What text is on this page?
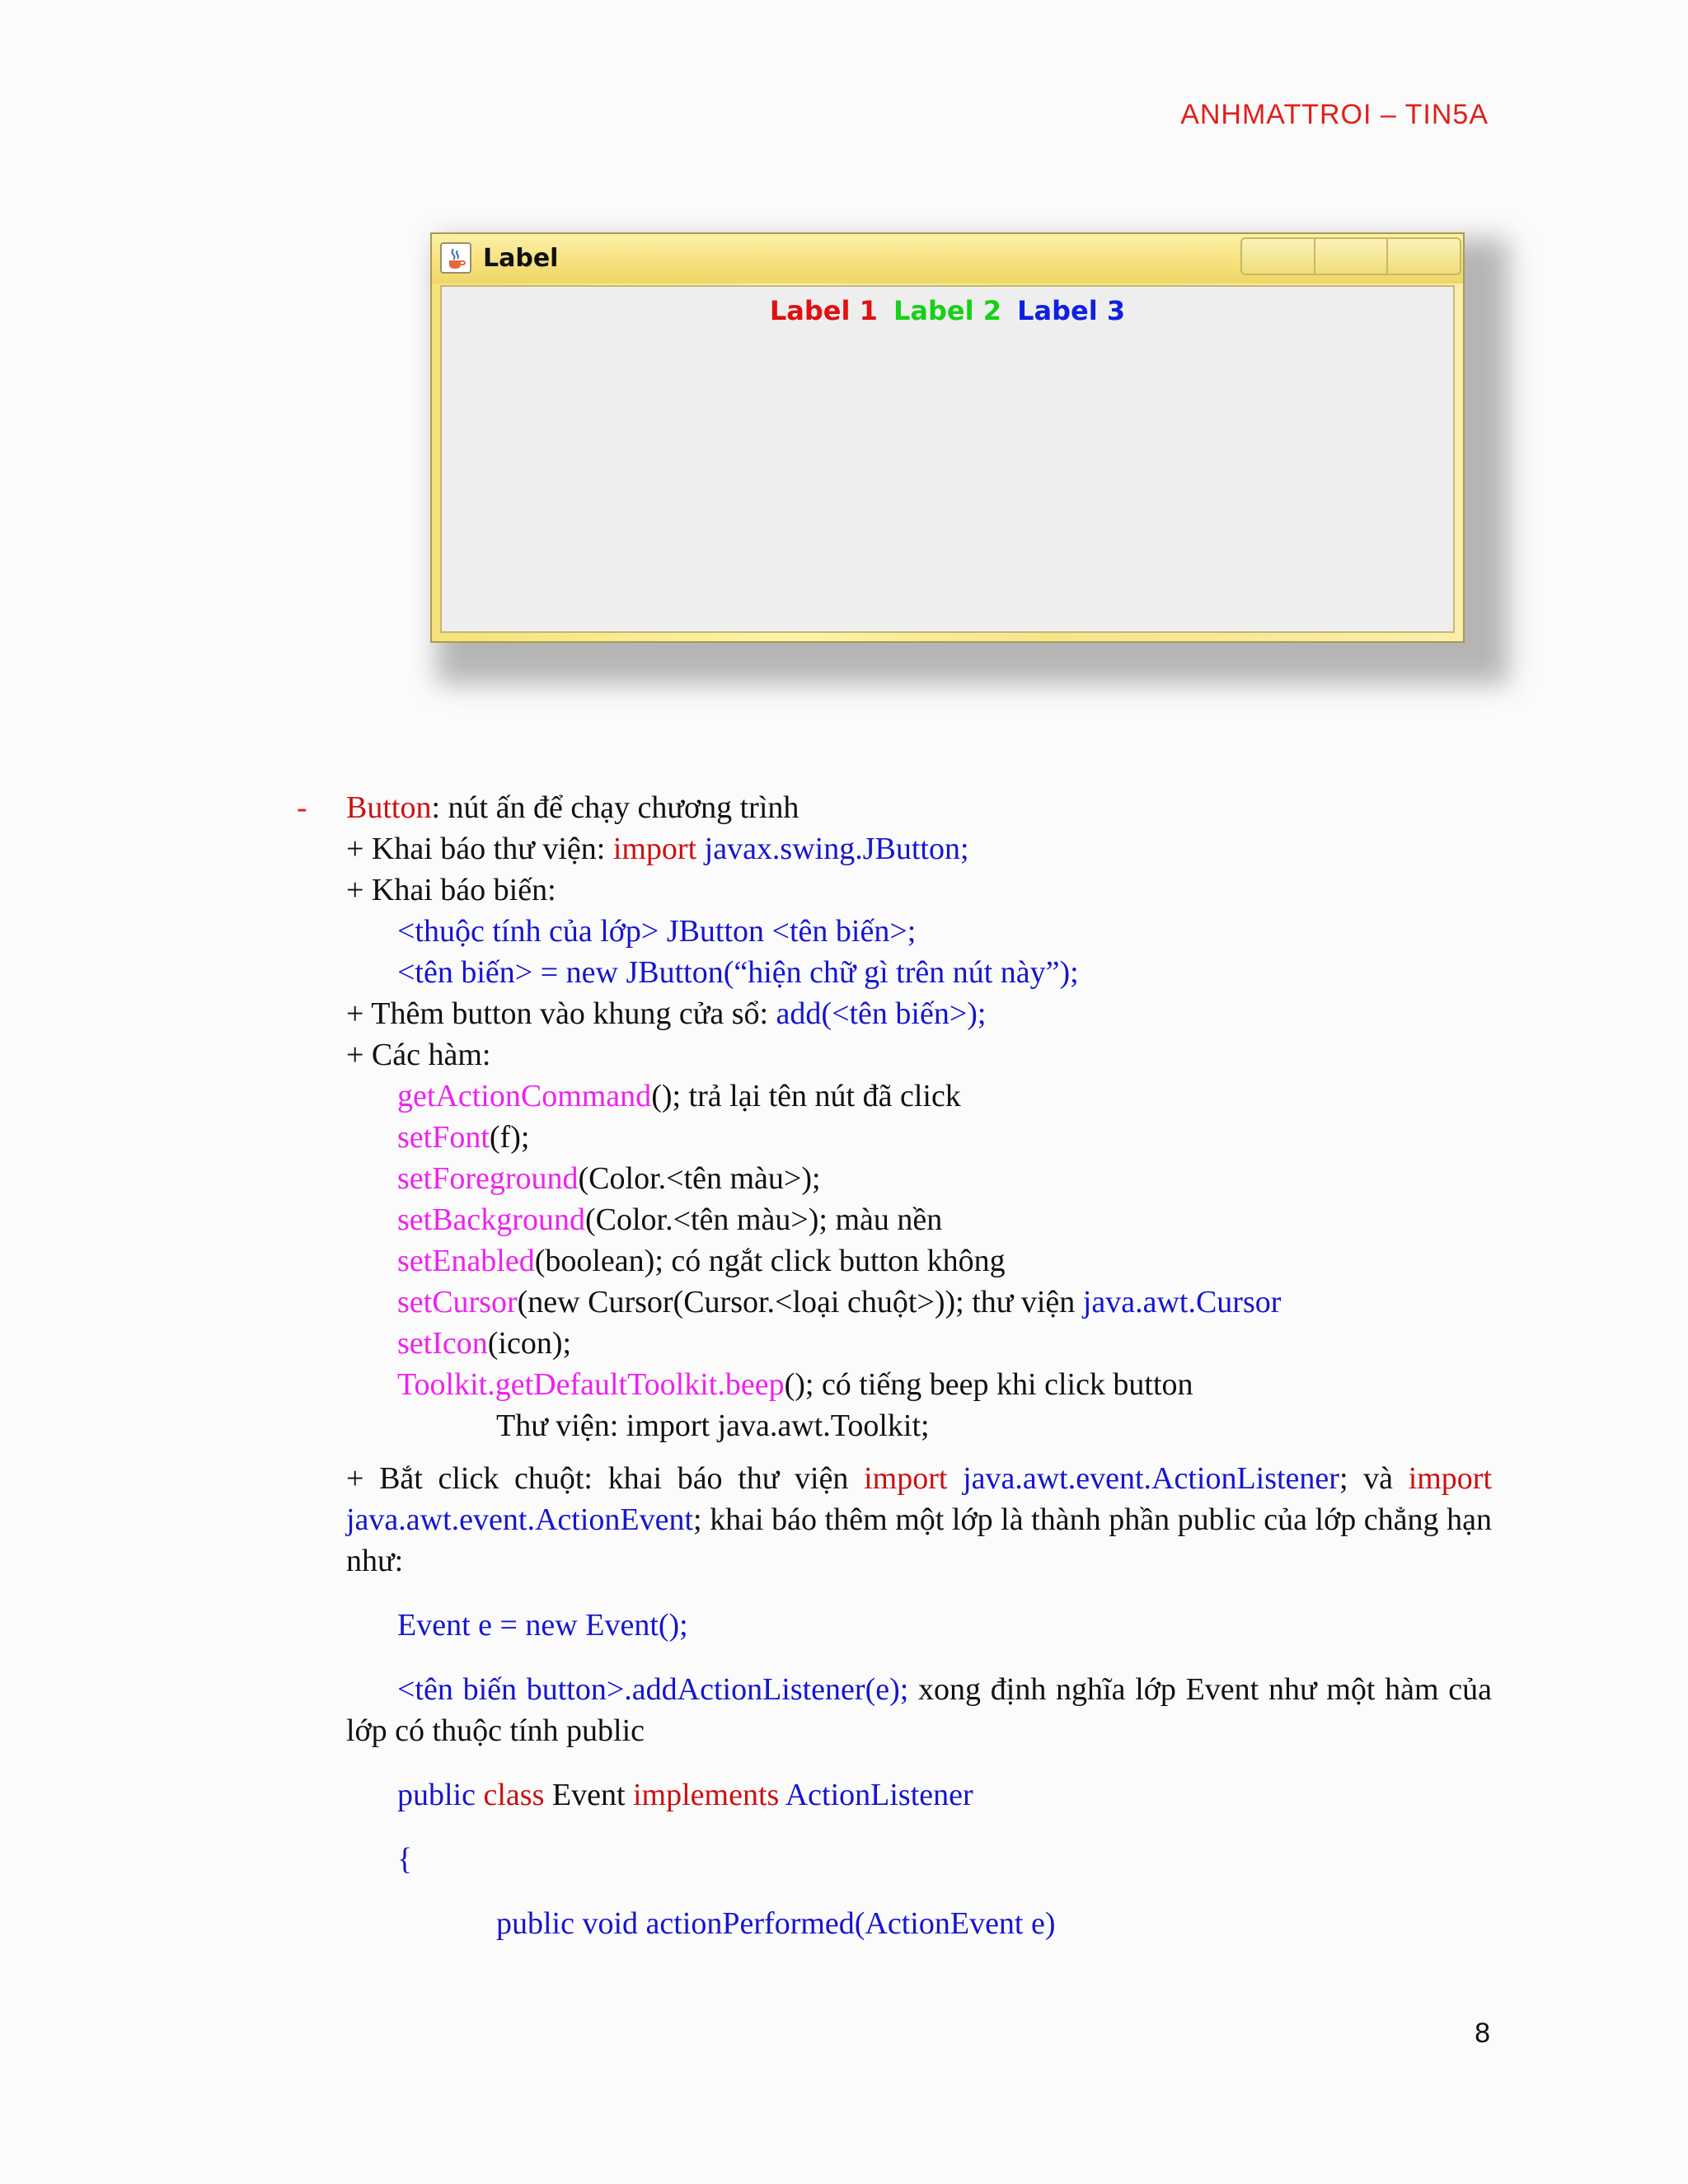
ANHMATTROI – TIN5A
Label
Label 1 Label 2 Label 3
- Button: nút ấn để chạy chương trình
+ Khai báo thư viện: import javax.swing.JButton;
+ Khai báo biến:
<thuộc tính của lớp> JButton <tên biến>;
<tên biến> = new JButton(“hiện chữ gì trên nút này”);
+ Thêm button vào khung cửa sổ: add(<tên biến>);
+ Các hàm:
getActionCommand(); trả lại tên nút đã click
setFont(f);
setForeground(Color.<tên màu>);
setBackground(Color.<tên màu>); màu nền
setEnabled(boolean); có ngắt click button không
setCursor(new Cursor(Cursor.<loại chuột>)); thư viện java.awt.Cursor
setIcon(icon);
Toolkit.getDefaultToolkit.beep(); có tiếng beep khi click button
Thư viện: import java.awt.Toolkit;
+ Bắt click chuột: khai báo thư viện import java.awt.event.ActionListener; và import java.awt.event.ActionEvent; khai báo thêm một lớp là thành phần public của lớp chẳng hạn như:
Event e = new Event();
<tên biến button>.addActionListener(e); xong định nghĩa lớp Event như một hàm của lớp có thuộc tính public
public class Event implements ActionListener
{
public void actionPerformed(ActionEvent e)
8
